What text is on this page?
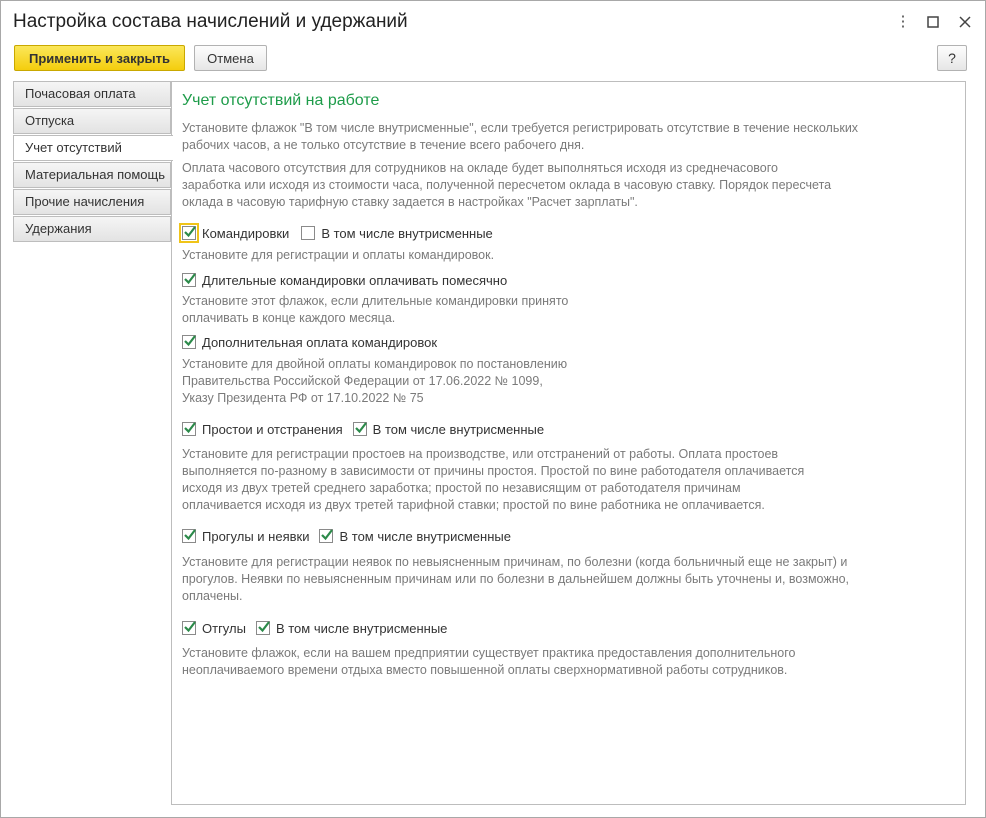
Настройка состава начислений и удержаний	⋮
Применить и закрыть	Отмена	?
Почасовая оплата
Отпуска
Учет отсутствий
Материальная помощь
Прочие начисления
Удержания
Учет отсутствий на работе
Установите флажок "В том числе внутрисменные", если требуется регистрировать отсутствие в течение нескольких
рабочих часов, а не только отсутствие в течение всего рабочего дня.
Оплата часового отсутствия для сотрудников на окладе будет выполняться исходя из среднечасового
заработка или исходя из стоимости часа, полученной пересчетом оклада в часовую ставку. Порядок пересчета
оклада в часовую тарифную ставку задается в настройках "Расчет зарплаты".
Командировки В том числе внутрисменные
Установите для регистрации и оплаты командировок.
Длительные командировки оплачивать помесячно
Установите этот флажок, если длительные командировки принято
оплачивать в конце каждого месяца.
Дополнительная оплата командировок
Установите для двойной оплаты командировок по постановлению
Правительства Российской Федерации от 17.06.2022 № 1099,
Указу Президента РФ от 17.10.2022 № 75
Простои и отстранения В том числе внутрисменные
Установите для регистрации простоев на производстве, или отстранений от работы. Оплата простоев
выполняется по-разному в зависимости от причины простоя. Простой по вине работодателя оплачивается
исходя из двух третей среднего заработка; простой по независящим от работодателя причинам
оплачивается исходя из двух третей тарифной ставки; простой по вине работника не оплачивается.
Прогулы и неявки В том числе внутрисменные
Установите для регистрации неявок по невыясненным причинам, по болезни (когда больничный еще не закрыт) и
прогулов. Неявки по невыясненным причинам или по болезни в дальнейшем должны быть уточнены и, возможно,
оплачены.
Отгулы В том числе внутрисменные
Установите флажок, если на вашем предприятии существует практика предоставления дополнительного
неоплачиваемого времени отдыха вместо повышенной оплаты сверхнормативной работы сотрудников.
